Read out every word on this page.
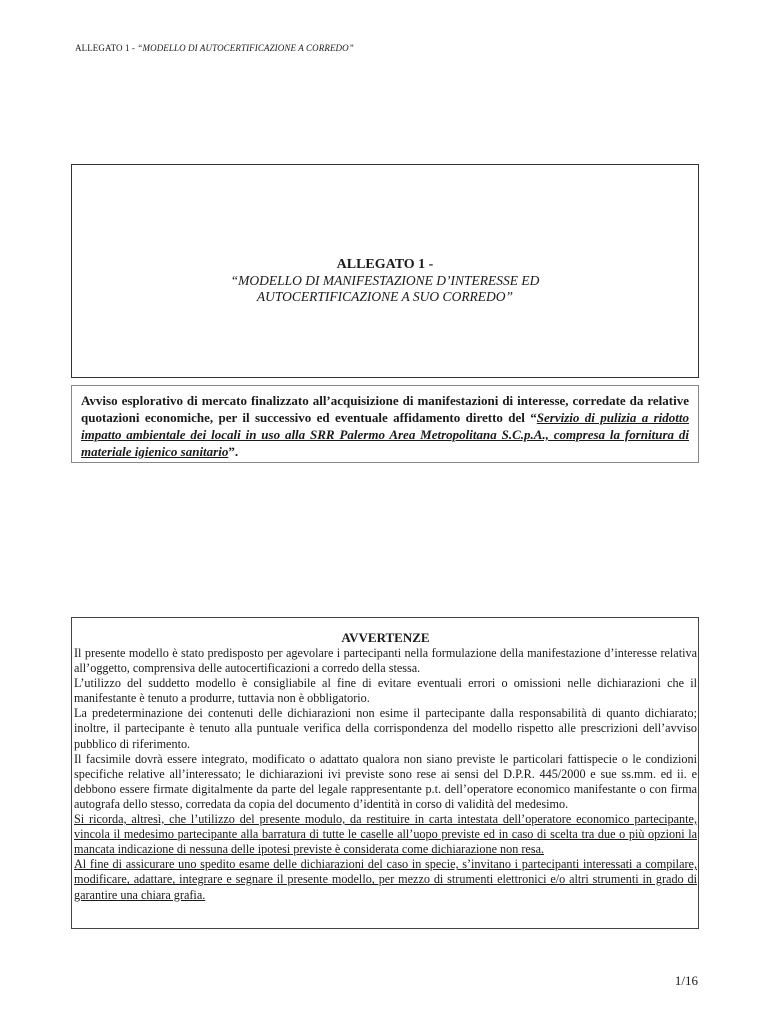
ALLEGATO 1 - “MODELLO DI AUTOCERTIFICAZIONE A CORREDO”
ALLEGATO 1 -
“MODELLO DI MANIFESTAZIONE D’INTERESSE ED
AUTOCERTIFICAZIONE A SUO CORREDO”
Avviso esplorativo di mercato finalizzato all’acquisizione di manifestazioni di interesse, corredate da relative quotazioni economiche, per il successivo ed eventuale affidamento diretto del “Servizio di pulizia a ridotto impatto ambientale dei locali in uso alla SRR Palermo Area Metropolitana S.C.p.A., compresa la fornitura di materiale igienico sanitario”.
AVVERTENZE

Il presente modello è stato predisposto per agevolare i partecipanti nella formulazione della manifestazione d’interesse relativa all’oggetto, comprensiva delle autocertificazioni a corredo della stessa.

L’utilizzo del suddetto modello è consigliabile al fine di evitare eventuali errori o omissioni nelle dichiarazioni che il manifestante è tenuto a produrre, tuttavia non è obbligatorio.

La predeterminazione dei contenuti delle dichiarazioni non esime il partecipante dalla responsabilità di quanto dichiarato; inoltre, il partecipante è tenuto alla puntuale verifica della corrispondenza del modello rispetto alle prescrizioni dell’avviso pubblico di riferimento.

Il facsimile dovrà essere integrato, modificato o adattato qualora non siano previste le particolari fattispecie o le condizioni specifiche relative all’interessato; le dichiarazioni ivi previste sono rese ai sensi del D.P.R. 445/2000 e sue ss.mm. ed ii. e debbono essere firmate digitalmente da parte del legale rappresentante p.t. dell’operatore economico manifestante o con firma autografa dello stesso, corredata da copia del documento d’identità in corso di validità del medesimo.

Si ricorda, altresì, che l’utilizzo del presente modulo, da restituire in carta intestata dell’operatore economico partecipante, vincola il medesimo partecipante alla barratura di tutte le caselle all’uopo previste ed in caso di scelta tra due o più opzioni la mancata indicazione di nessuna delle ipotesi previste è considerata come dichiarazione non resa.

Al fine di assicurare uno spedito esame delle dichiarazioni del caso in specie, s’invitano i partecipanti interessati a compilare, modificare, adattare, integrare e segnare il presente modello, per mezzo di strumenti elettronici e/o altri strumenti in grado di garantire una chiara grafia.

1/16
